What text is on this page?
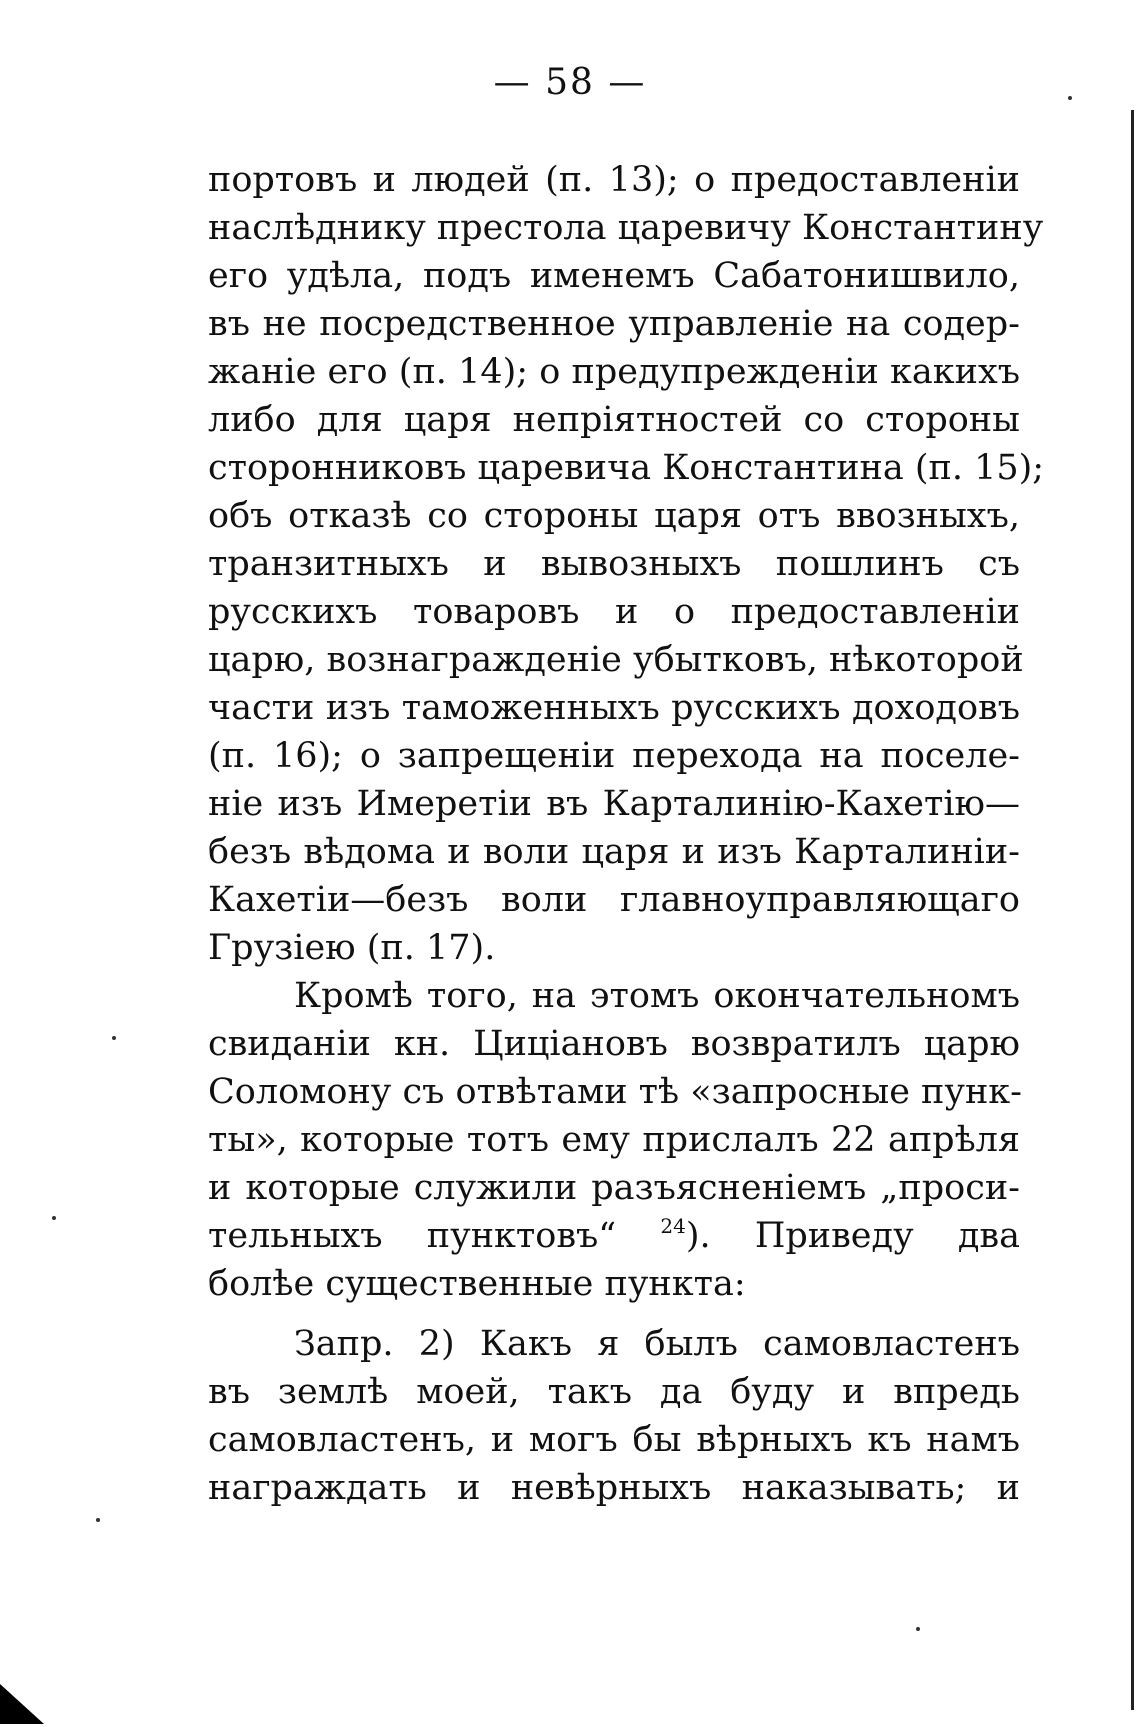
— 58 —
портовъ и людей (п. 13); о предоставленіи
наслѣднику престола царевичу Константину
его удѣла, подъ именемъ Сабатонишвило,
въ не посредственное управленіе на содер-
жаніе его (п. 14); о предупрежденіи какихъ
либо для царя непріятностей со стороны
сторонниковъ царевича Константина (п. 15);
объ отказѣ со стороны царя отъ ввозныхъ,
транзитныхъ и вывозныхъ пошлинъ съ
русскихъ товаровъ и о предоставленіи
царю, вознагражденіе убытковъ, нѣкоторой
части изъ таможенныхъ русскихъ доходовъ
(п. 16); о запрещеніи перехода на поселе-
ніе изъ Имеретіи въ Карталинію-Кахетію—
безъ вѣдома и воли царя и изъ Карталиніи-
Кахетіи—безъ воли главноуправляющаго
Грузіею (п. 17).
Кромѣ того, на этомъ окончательномъ
свиданіи кн. Циціановъ возвратилъ царю
Соломону съ отвѣтами тѣ «запросные пунк-
ты», которые тотъ ему прислалъ 22 апрѣля
и которые служили разъясненіемъ „проси-
тельныхъ пунктовъ“ $^{24}$). Приведу два
болѣе существенные пункта:
Запр. 2) Какъ я былъ самовластенъ
въ землѣ моей, такъ да буду и впредь
самовластенъ, и могъ бы вѣрныхъ къ намъ
награждать и невѣрныхъ наказывать; и
